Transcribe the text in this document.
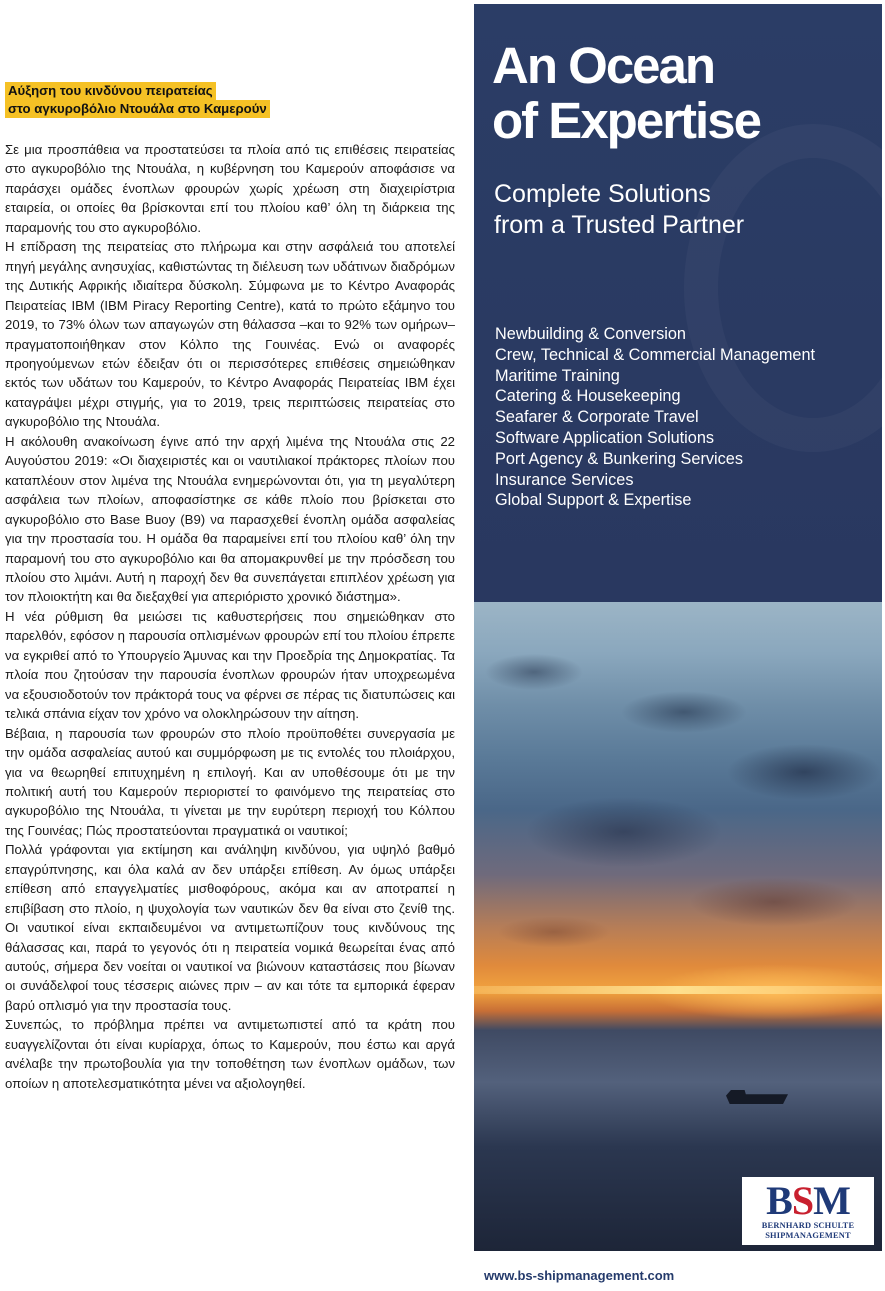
Αύξηση του κινδύνου πειρατείας
στο αγκυροβόλιο Ντουάλα στο Καμερούν

Σε μια προσπάθεια να προστατεύσει τα πλοία από τις επιθέσεις πειρατείας στο αγκυροβόλιο της Ντουάλα, η κυβέρνηση του Καμερούν αποφάσισε να παράσχει ομάδες ένοπλων φρουρών χωρίς χρέωση στη διαχειρίστρια εταιρεία, οι οποίες θα βρίσκονται επί του πλοίου καθ’ όλη τη διάρκεια της παραμονής του στο αγκυροβόλιο.

Η επίδραση της πειρατείας στο πλήρωμα και στην ασφάλειά του αποτελεί πηγή μεγάλης ανησυχίας, καθιστώντας τη διέλευση των υδάτινων διαδρόμων της Δυτικής Αφρικής ιδιαίτερα δύσκολη. Σύμφωνα με το Κέντρο Αναφοράς Πειρατείας IBM (IBM Piracy Reporting Centre), κατά το πρώτο εξάμηνο του 2019, το 73% όλων των απαγωγών στη θάλασσα –και το 92% των ομήρων– πραγματοποιήθηκαν στον Κόλπο της Γουινέας. Ενώ οι αναφορές προηγούμενων ετών έδειξαν ότι οι περισσότερες επιθέσεις σημειώθηκαν εκτός των υδάτων του Καμερούν, το Κέντρο Αναφοράς Πειρατείας IBM έχει καταγράψει μέχρι στιγμής, για το 2019, τρεις περιπτώσεις πειρατείας στο αγκυροβόλιο της Ντουάλα.

Η ακόλουθη ανακοίνωση έγινε από την αρχή λιμένα της Ντουάλα στις 22 Αυγούστου 2019: «Οι διαχειριστές και οι ναυτιλιακοί πράκτορες πλοίων που καταπλέουν στον λιμένα της Ντουάλα ενημερώνονται ότι, για τη μεγαλύτερη ασφάλεια των πλοίων, αποφασίστηκε σε κάθε πλοίο που βρίσκεται στο αγκυροβόλιο στο Base Buoy (B9) να παρασχεθεί ένοπλη ομάδα ασφαλείας για την προστασία του. Η ομάδα θα παραμείνει επί του πλοίου καθ’ όλη την παραμονή του στο αγκυροβόλιο και θα απομακρυνθεί με την πρόσδεση του πλοίου στο λιμάνι. Αυτή η παροχή δεν θα συνεπάγεται επιπλέον χρέωση για τον πλοιοκτήτη και θα διεξαχθεί για απεριόριστο χρονικό διάστημα».

Η νέα ρύθμιση θα μειώσει τις καθυστερήσεις που σημειώθηκαν στο παρελθόν, εφόσον η παρουσία οπλισμένων φρουρών επί του πλοίου έπρεπε να εγκριθεί από το Υπουργείο Άμυνας και την Προεδρία της Δημοκρατίας. Τα πλοία που ζητούσαν την παρουσία ένοπλων φρουρών ήταν υποχρεωμένα να εξουσιοδοτούν τον πράκτορά τους να φέρνει σε πέρας τις διατυπώσεις και τελικά σπάνια είχαν τον χρόνο να ολοκληρώσουν την αίτηση.

Βέβαια, η παρουσία των φρουρών στο πλοίο προϋποθέτει συνεργασία με την ομάδα ασφαλείας αυτού και συμμόρφωση με τις εντολές του πλοιάρχου, για να θεωρηθεί επιτυχημένη η επιλογή. Και αν υποθέσουμε ότι με την πολιτική αυτή του Καμερούν περιοριστεί το φαινόμενο της πειρατείας στο αγκυροβόλιο της Ντουάλα, τι γίνεται με την ευρύτερη περιοχή του Κόλπου της Γουινέας; Πώς προστατεύονται πραγματικά οι ναυτικοί;

Πολλά γράφονται για εκτίμηση και ανάληψη κινδύνου, για υψηλό βαθμό επαγρύπνησης, και όλα καλά αν δεν υπάρξει επίθεση. Αν όμως υπάρξει επίθεση από επαγγελματίες μισθοφόρους, ακόμα και αν αποτραπεί η επιβίβαση στο πλοίο, η ψυχολογία των ναυτικών δεν θα είναι στο ζενίθ της. Οι ναυτικοί είναι εκπαιδευμένοι να αντιμετωπίζουν τους κινδύνους της θάλασσας και, παρά το γεγονός ότι η πειρατεία νομικά θεωρείται ένας από αυτούς, σήμερα δεν νοείται οι ναυτικοί να βιώνουν καταστάσεις που βίωναν οι συνάδελφοί τους τέσσερις αιώνες πριν – αν και τότε τα εμπορικά έφεραν βαρύ οπλισμό για την προστασία τους.

Συνεπώς, το πρόβλημα πρέπει να αντιμετωπιστεί από τα κράτη που ευαγγελίζονται ότι είναι κυρίαρχα, όπως το Καμερούν, που έστω και αργά ανέλαβε την πρωτοβουλία για την τοποθέτηση των ένοπλων ομάδων, των οποίων η αποτελεσματικότητα μένει να αξιολογηθεί.

An Ocean
of Expertise
Complete Solutions
from a Trusted Partner
Newbuilding & Conversion
Crew, Technical & Commercial Management
Maritime Training
Catering & Housekeeping
Seafarer & Corporate Travel
Software Application Solutions
Port Agency & Bunkering Services
Insurance Services
Global Support & Expertise
BSM
BERNHARD SCHULTE
SHIPMANAGEMENT
www.bs-shipmanagement.com
